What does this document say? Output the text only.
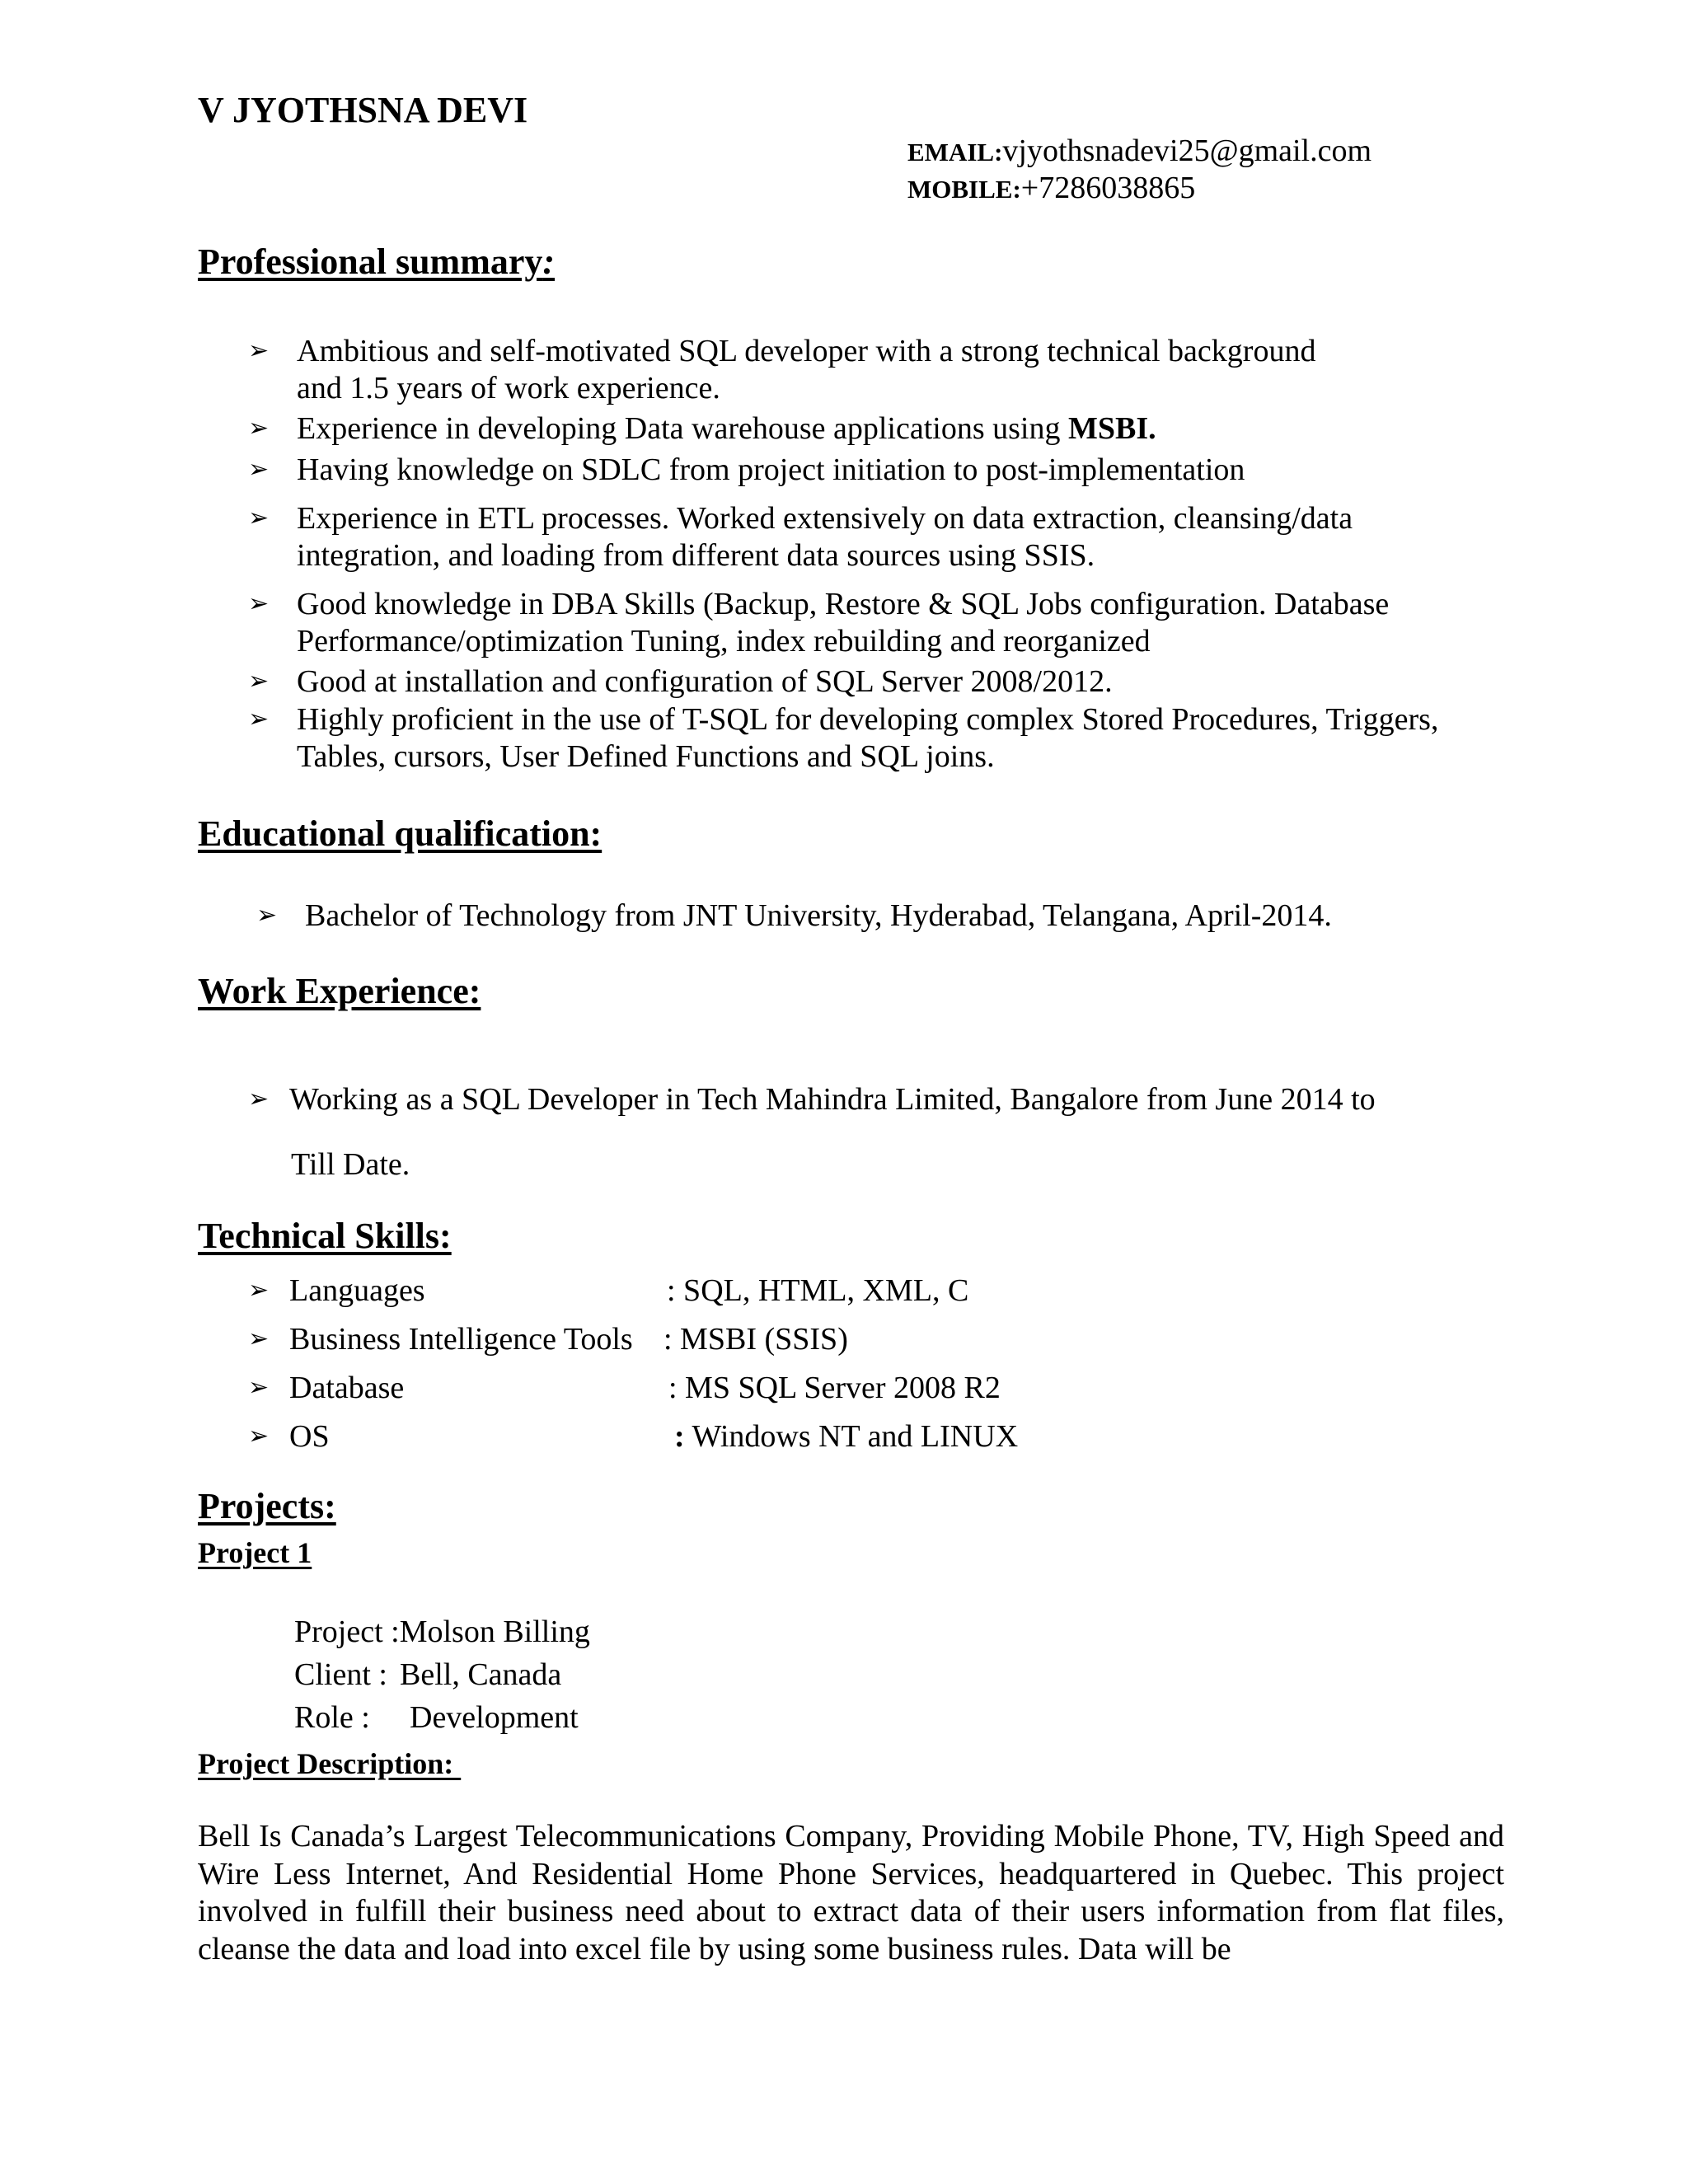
V JYOTHSNA DEVI
EMAIL:vjyothsnadevi25@gmail.com
MOBILE:+7286038865
Professional summary:
➢ Ambitious and self-motivated SQL developer with a strong technical background
and 1.5 years of work experience.
➢ Experience in developing Data warehouse applications using MSBI.
➢ Having knowledge on SDLC from project initiation to post-implementation
➢ Experience in ETL processes. Worked extensively on data extraction, cleansing/data
integration, and loading from different data sources using SSIS.
➢ Good knowledge in DBA Skills (Backup, Restore & SQL Jobs configuration. Database
Performance/optimization Tuning, index rebuilding and reorganized
➢ Good at installation and configuration of SQL Server 2008/2012.
➢ Highly proficient in the use of T-SQL for developing complex Stored Procedures, Triggers,
Tables, cursors, User Defined Functions and SQL joins.
Educational qualification:
➢ Bachelor of Technology from JNT University, Hyderabad, Telangana, April-2014.
Work Experience:
➢ Working as a SQL Developer in Tech Mahindra Limited, Bangalore from June 2014 to
Till Date.
Technical Skills:
➢ Languages	: SQL, HTML, XML, C
➢ Business Intelligence Tools : MSBI (SSIS)
➢ Database	: MS SQL Server 2008 R2
➢ OS	: Windows NT and LINUX
Projects:
Project 1
Project :Molson Billing
Client :Bell, Canada
Role :Development
Project Description:
Bell Is Canada’s Largest Telecommunications Company, Providing Mobile Phone, TV, High Speed and Wire Less Internet, And Residential Home Phone Services, headquartered in Quebec. This project involved in fulfill their business need about to extract data of their users information from flat files, cleanse the data and load into excel file by using some business rules. Data will be
